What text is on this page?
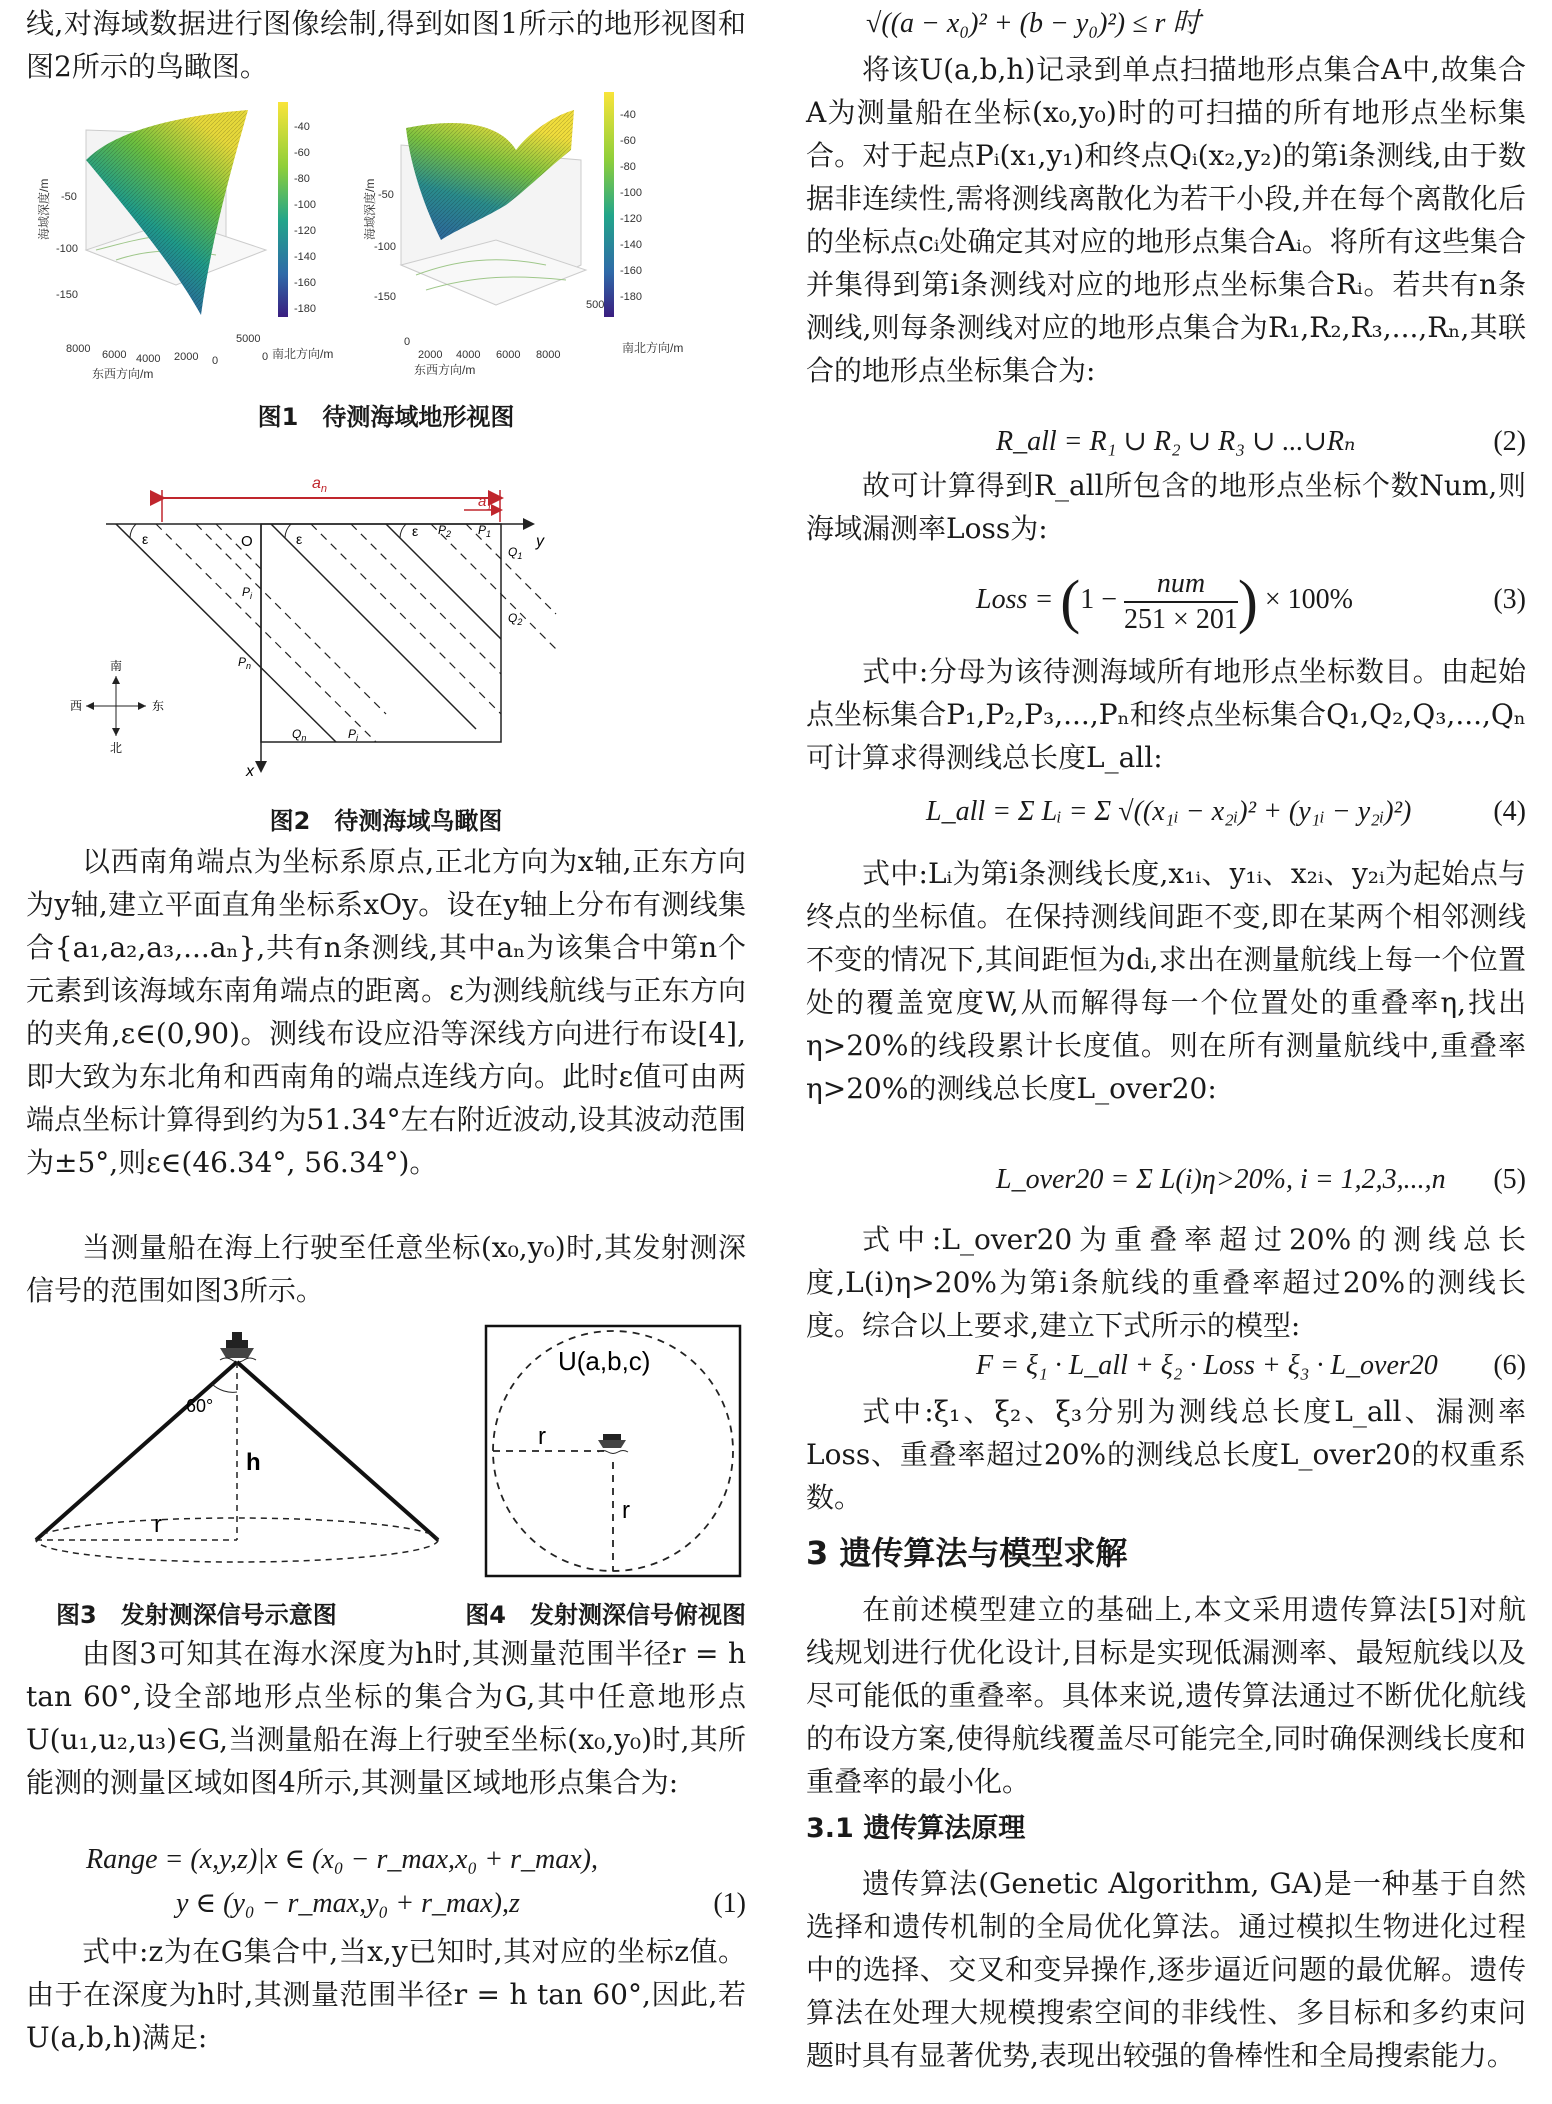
线,对海域数据进行图像绘制,得到如图1所示的地形视图和图2所示的鸟瞰图。

海域深度/m -50
-100
-150
8000 6000 4000 2000 0
东西方向/m
5000
0
-40
-60
-80
-100
-120
-140
-160
-180
南北方向/m
海域深度/m -50
-100
-150
0
2000 4000 6000 8000
东西方向/m
500
-40
-60
-80
-100
-120
-140
-160
-180
南北方向/m

图1　待测海域地形视图

$a_n$
$a_1$
y
x
ε	ε	ε
O
$P_2$ $P_1$
$Q_1$
$Q_2$
$P_i$
$P_n$
$Q_n$	$P_i$
南
北
西	东

图2　待测海域鸟瞰图

以西南角端点为坐标系原点,正北方向为x轴,正东方向为y轴,建立平面直角坐标系xOy。设在y轴上分布有测线集合{a₁,a₂,a₃,...aₙ},共有n条测线,其中aₙ为该集合中第n个元素到该海域东南角端点的距离。ε为测线航线与正东方向的夹角,ε∈(0,90)。测线布设应沿等深线方向进行布设[4],即大致为东北角和西南角的端点连线方向。此时ε值可由两端点坐标计算得到约为51.34°左右附近波动,设其波动范围为±5°,则ε∈(46.34°, 56.34°)。

当测量船在海上行驶至任意坐标(x₀,y₀)时,其发射测深信号的范围如图3所示。

60°
h
r
U(a,b,c)
r
r

图3　发射测深信号示意图	图4　发射测深信号俯视图

由图3可知其在海水深度为h时,其测量范围半径r = h tan 60°,设全部地形点坐标的集合为G,其中任意地形点U(u₁,u₂,u₃)∈G,当测量船在海上行驶至坐标(x₀,y₀)时,其所能测的测量区域如图4所示,其测量区域地形点集合为:

Range = (x,y,z)|x ∈ (x₀ − r_max,x₀ + r_max),
y ∈ (y₀ − r_max,y₀ + r_max),z	(1)

式中:z为在G集合中,当x,y已知时,其对应的坐标z值。由于在深度为h时,其测量范围半径r = h tan 60°,因此,若U(a,b,h)满足:

√((a − x₀)² + (b − y₀)²) ≤ r 时

将该U(a,b,h)记录到单点扫描地形点集合A中,故集合A为测量船在坐标(x₀,y₀)时的可扫描的所有地形点坐标集合。对于起点Pᵢ(x₁,y₁)和终点Qᵢ(x₂,y₂)的第i条测线,由于数据非连续性,需将测线离散化为若干小段,并在每个离散化后的坐标点cᵢ处确定其对应的地形点集合Aᵢ。将所有这些集合并集得到第i条测线对应的地形点坐标集合Rᵢ。若共有n条测线,则每条测线对应的地形点集合为R₁,R₂,R₃,...,Rₙ,其联合的地形点坐标集合为:

R_all = R₁ ∪ R₂ ∪ R₃ ∪ ...∪Rₙ	(2)

故可计算得到R_all所包含的地形点坐标个数Num,则海域漏测率Loss为:

Loss = ($1 - \frac{\text{num}}{251 \times 201}$ ) × 100%	(3)

式中:分母为该待测海域所有地形点坐标数目。由起始点坐标集合P₁,P₂,P₃,...,Pₙ和终点坐标集合Q₁,Q₂,Q₃,...,Qₙ可计算求得测线总长度L_all:

L_all = Σ Lᵢ = Σ √((x₁ᵢ − x₂ᵢ)² + (y₁ᵢ − y₂ᵢ)²)	(4)

式中:Lᵢ为第i条测线长度,x₁ᵢ、y₁ᵢ、x₂ᵢ、y₂ᵢ为起始点与终点的坐标值。在保持测线间距不变,即在某两个相邻测线不变的情况下,其间距恒为dᵢ,求出在测量航线上每一个位置处的覆盖宽度W,从而解得每一个位置处的重叠率η,找出η>20%的线段累计长度值。则在所有测量航线中,重叠率η>20%的测线总长度L_over20:

L_over20 = Σ L(i)η>20%, i = 1,2,3,...,n (5)

式中:L_over20为重叠率超过20%的测线总长度,L(i)η>20%为第i条航线的重叠率超过20%的测线长度。综合以上要求,建立下式所示的模型:

F = ξ₁ · L_all + ξ₂ · Loss + ξ₃ · L_over20 (6)

式中:ξ₁、ξ₂、ξ₃分别为测线总长度L_all、漏测率Loss、重叠率超过20%的测线总长度L_over20的权重系数。

3 遗传算法与模型求解

在前述模型建立的基础上,本文采用遗传算法[5]对航线规划进行优化设计,目标是实现低漏测率、最短航线以及尽可能低的重叠率。具体来说,遗传算法通过不断优化航线的布设方案,使得航线覆盖尽可能完全,同时确保测线长度和重叠率的最小化。

3.1 遗传算法原理

遗传算法(Genetic Algorithm, GA)是一种基于自然选择和遗传机制的全局优化算法。通过模拟生物进化过程中的选择、交叉和变异操作,逐步逼近问题的最优解。遗传算法在处理大规模搜索空间的非线性、多目标和多约束问题时具有显著优势,表现出较强的鲁棒性和全局搜索能力。
